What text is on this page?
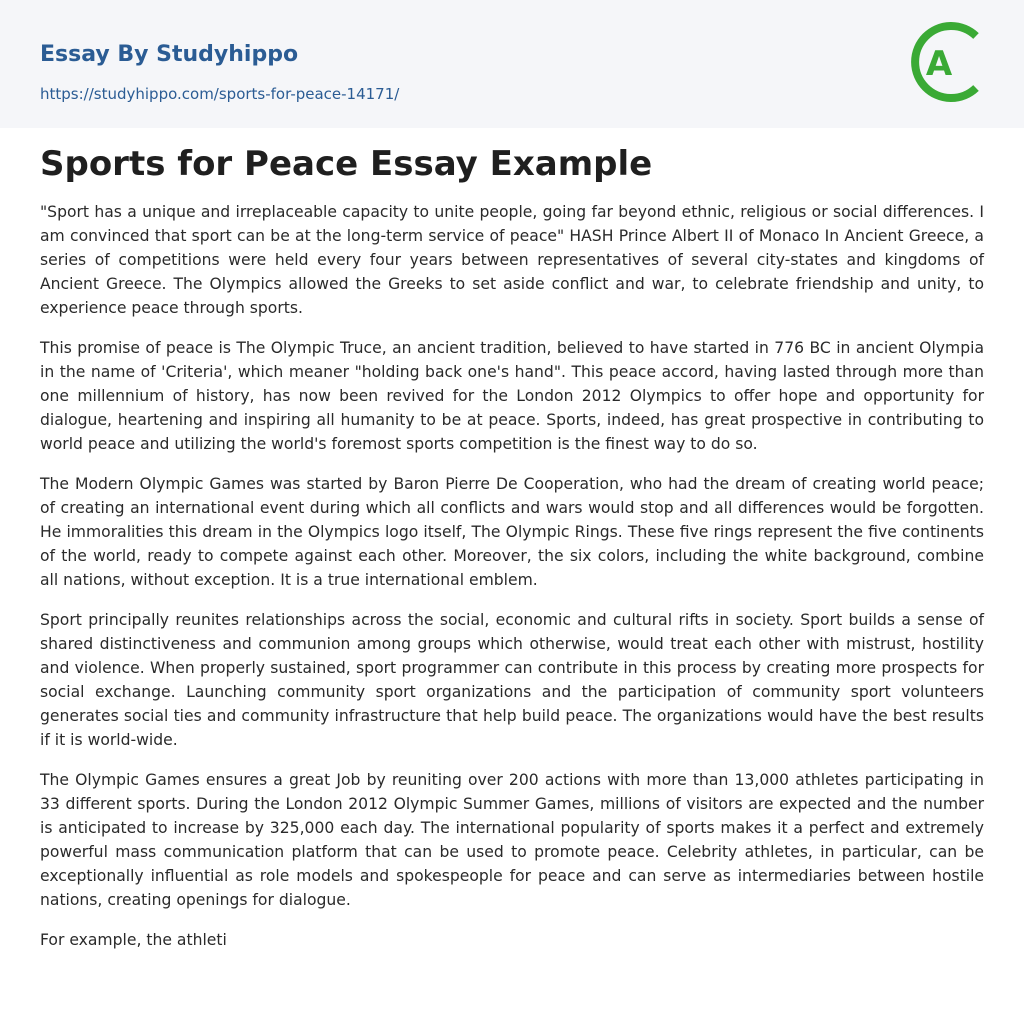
Essay By Studyhippo
https://studyhippo.com/sports-for-peace-14171/
A
Sports for Peace Essay Example

"Sport has a unique and irreplaceable capacity to unite people, going far beyond ethnic, religious or social differences. I am convinced that sport can be at the long-term service of peace" HASH Prince Albert II of Monaco In Ancient Greece, a series of competitions were held every four years between representatives of several city-states and kingdoms of Ancient Greece. The Olympics allowed the Greeks to set aside conflict and war, to celebrate friendship and unity, to experience peace through sports.

This promise of peace is The Olympic Truce, an ancient tradition, believed to have started in 776 BC in ancient Olympia in the name of 'Criteria', which meaner "holding back one's hand". This peace accord, having lasted through more than one millennium of history, has now been revived for the London 2012 Olympics to offer hope and opportunity for dialogue, heartening and inspiring all humanity to be at peace. Sports, indeed, has great prospective in contributing to world peace and utilizing the world's foremost sports competition is the finest way to do so.

The Modern Olympic Games was started by Baron Pierre De Cooperation, who had the dream of creating world peace; of creating an international event during which all conflicts and wars would stop and all differences would be forgotten. He immoralities this dream in the Olympics logo itself, The Olympic Rings. These five rings represent the five continents of the world, ready to compete against each other. Moreover, the six colors, including the white background, combine all nations, without exception. It is a true international emblem.

Sport principally reunites relationships across the social, economic and cultural rifts in society. Sport builds a sense of shared distinctiveness and communion among groups which otherwise, would treat each other with mistrust, hostility and violence. When properly sustained, sport programmer can contribute in this process by creating more prospects for social exchange. Launching community sport organizations and the participation of community sport volunteers generates social ties and community infrastructure that help build peace. The organizations would have the best results if it is world-wide.

The Olympic Games ensures a great Job by reuniting over 200 actions with more than 13,000 athletes participating in 33 different sports. During the London 2012 Olympic Summer Games, millions of visitors are expected and the number is anticipated to increase by 325,000 each day. The international popularity of sports makes it a perfect and extremely powerful mass communication platform that can be used to promote peace. Celebrity athletes, in particular, can be exceptionally influential as role models and spokespeople for peace and can serve as intermediaries between hostile nations, creating openings for dialogue.

For example, the athleti
